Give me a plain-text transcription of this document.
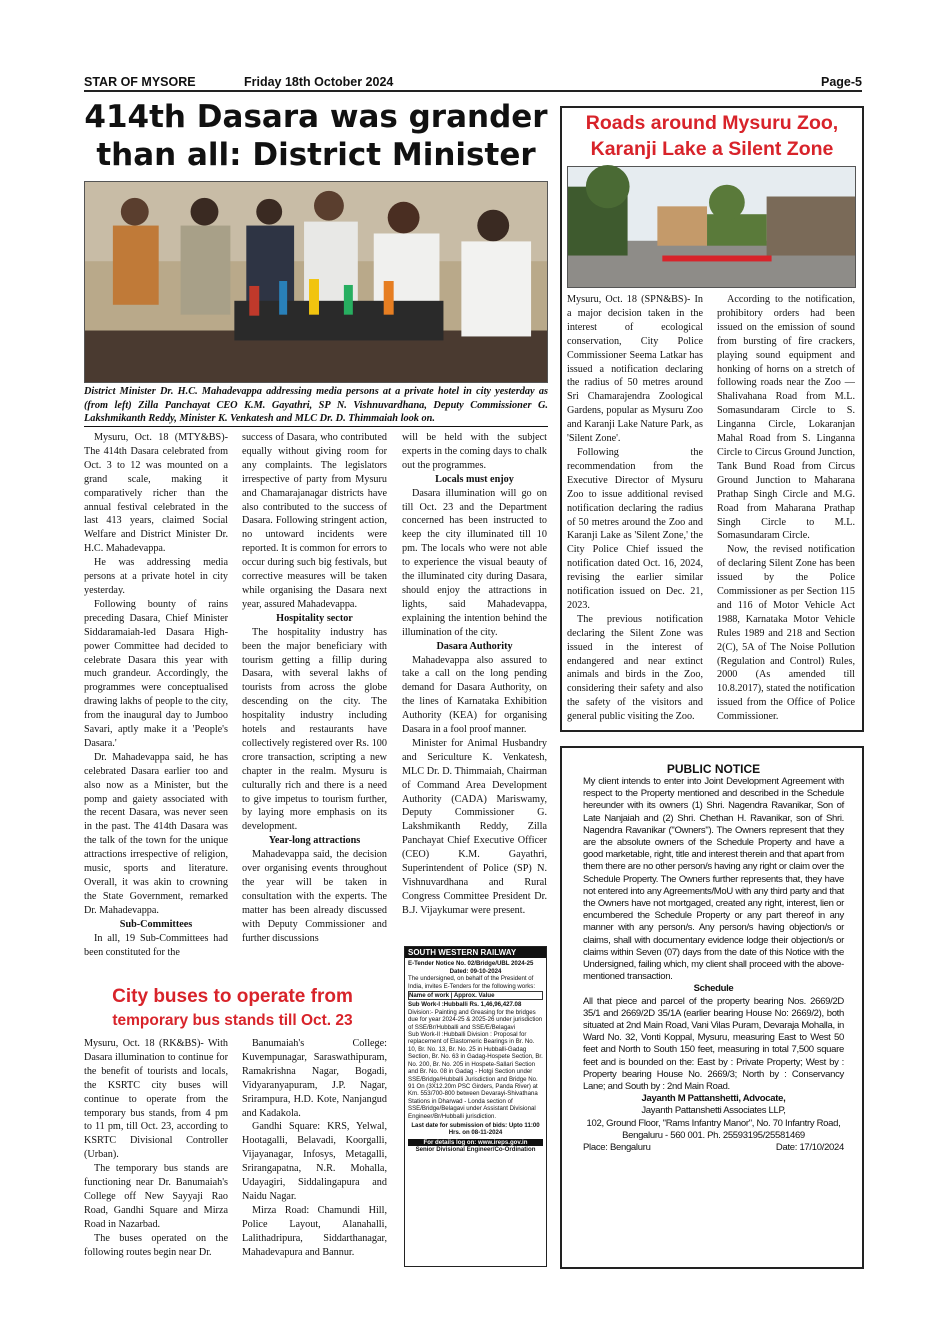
STAR OF MYSORE	Friday 18th October 2024	Page-5
414th Dasara was grander than all: District Minister
District Minister Dr. H.C. Mahadevappa addressing media persons at a private hotel in city yesterday as (from left) Zilla Panchayat CEO K.M. Gayathri, SP N. Vishnuvardhana, Deputy Commissioner G. Lakshmikanth Reddy, Minister K. Venkatesh and MLC Dr. D. Thimmaiah look on.

Mysuru, Oct. 18 (MTY&BS)- The 414th Dasara celebrated from Oct. 3 to 12 was mounted on a grand scale, making it comparatively richer than the annual festival celebrated in the last 413 years, claimed Social Welfare and District Minister Dr. H.C. Mahadevappa.

He was addressing media persons at a private hotel in city yesterday.

Following bounty of rains preceding Dasara, Chief Minister Siddaramaiah-led Dasara High-power Committee had decided to celebrate Dasara this year with much grandeur. Accordingly, the programmes were conceptualised drawing lakhs of people to the city, from the inaugural day to Jumboo Savari, aptly make it a 'People's Dasara.'

Dr. Mahadevappa said, he has celebrated Dasara earlier too and also now as a Minister, but the pomp and gaiety associated with the recent Dasara, was never seen in the past. The 414th Dasara was the talk of the town for the unique attractions irrespective of religion, music, sports and literature. Overall, it was akin to crowning the State Government, remarked Dr. Mahadevappa.

Sub-Committees

In all, 19 Sub-Committees had been constituted for the

success of Dasara, who contributed equally without giving room for any complaints. The legislators irrespective of party from Mysuru and Chamarajanagar districts have also contributed to the success of Dasara. Following stringent action, no untoward incidents were reported. It is common for errors to occur during such big festivals, but corrective measures will be taken while organising the Dasara next year, assured Mahadevappa.

Hospitality sector

The hospitality industry has been the major beneficiary with tourism getting a fillip during Dasara, with several lakhs of tourists from across the globe descending on the city. The hospitality industry including hotels and restaurants have collectively registered over Rs. 100 crore transaction, scripting a new chapter in the realm. Mysuru is culturally rich and there is a need to give impetus to tourism further, by laying more emphasis on its development.

Year-long attractions

Mahadevappa said, the decision over organising events throughout the year will be taken in consultation with the experts. The matter has been already discussed with Deputy Commissioner and further discussions

will be held with the subject experts in the coming days to chalk out the programmes.

Locals must enjoy

Dasara illumination will go on till Oct. 23 and the Department concerned has been instructed to keep the city illuminated till 10 pm. The locals who were not able to experience the visual beauty of the illuminated city during Dasara, should enjoy the attractions in lights, said Mahadevappa, explaining the intention behind the illumination of the city.

Dasara Authority

Mahadevappa also assured to take a call on the long pending demand for Dasara Authority, on the lines of Karnataka Exhibition Authority (KEA) for organising Dasara in a fool proof manner.

Minister for Animal Husbandry and Sericulture K. Venkatesh, MLC Dr. D. Thimmaiah, Chairman of Command Area Development Authority (CADA) Mariswamy, Deputy Commissioner G. Lakshmikanth Reddy, Zilla Panchayat Chief Executive Officer (CEO) K.M. Gayathri, Superintendent of Police (SP) N. Vishnuvardhana and Rural Congress Committee President Dr. B.J. Vijaykumar were present.

City buses to operate from
temporary bus stands till Oct. 23

Mysuru, Oct. 18 (RK&BS)- With Dasara illumination to continue for the benefit of tourists and locals, the KSRTC city buses will continue to operate from the temporary bus stands, from 4 pm to 11 pm, till Oct. 23, according to KSRTC Divisional Controller (Urban).

The temporary bus stands are functioning near Dr. Banumaiah's College off New Sayyaji Rao Road, Gandhi Square and Mirza Road in Nazarbad.

The buses operated on the following routes begin near Dr.

Banumaiah's College: Kuvempunagar, Saraswathipuram, Ramakrishna Nagar, Bogadi, Vidyaranyapuram, J.P. Nagar, Srirampura, H.D. Kote, Nanjangud and Kadakola.

Gandhi Square: KRS, Yelwal, Hootagalli, Belavadi, Koorgalli, Vijayanagar, Infosys, Metagalli, Srirangapatna, N.R. Mohalla, Udayagiri, Siddalingapura and Naidu Nagar.

Mirza Road: Chamundi Hill, Police Layout, Alanahalli, Lalithadripura, Siddarthanagar, Mahadevapura and Bannur.

SOUTH WESTERN RAILWAY
E-Tender Notice No. 02/Bridge/UBL 2024-25
Dated: 09-10-2024
The undersigned, on behalf of the President of India, invites E-Tenders for the following works:
Name of work | Approx. Value
Sub Work-I :Hubballi Rs. 1,46,96,427.08
Division:- Painting and Greasing for the bridges due for year 2024-25 & 2025-26 under jurisdiction of SSE/Br/Hubballi and SSE/E/Belagavi
Sub Work-II :Hubballi Division : Proposal for replacement of Elastomeric Bearings in Br. No. 10, Br. No. 13, Br. No. 25 in Hubballi-Gadag Section, Br. No. 63 in Gadag-Hospete Section, Br. No. 200, Br. No. 205 in Hospete-Sallari Section and Br. No. 08 in Gadag - Hotgi Section under SSE/Bridge/Hubballi Jurisdiction and Bridge No. 91 On (3X12.20m PSC Girders, Panda River) at Km. 553/700-800 between Devarayi-Shivathana Stations in Dharwad - Londa section of SSE/Bridge/Belagavi under Assistant Divisional Engineer/Br/Hubballi jurisdiction.
Last date for submission of bids: Upto 11:00 Hrs. on 08-11-2024
For details log on: www.ireps.gov.in
Senior Divisional Engineer/Co-Ordination
Roads around Mysuru Zoo, Karanji Lake a Silent Zone

Mysuru, Oct. 18 (SPN&BS)- In a major decision taken in the interest of ecological conservation, City Police Commissioner Seema Latkar has issued a notification declaring the radius of 50 metres around Sri Chamarajendra Zoological Gardens, popular as Mysuru Zoo and Karanji Lake Nature Park, as 'Silent Zone'.

Following the recommendation from the Executive Director of Mysuru Zoo to issue additional revised notification declaring the radius of 50 metres around the Zoo and Karanji Lake as 'Silent Zone,' the City Police Chief issued the notification dated Oct. 16, 2024, revising the earlier similar notification issued on Dec. 21, 2023.

The previous notification declaring the Silent Zone was issued in the interest of endangered and near extinct animals and birds in the Zoo, considering their safety and also the safety of the visitors and general public visiting the Zoo.

According to the notification, prohibitory orders had been issued on the emission of sound from bursting of fire crackers, playing sound equipment and honking of horns on a stretch of following roads near the Zoo — Shalivahana Road from M.L. Somasundaram Circle to S. Linganna Circle, Lokaranjan Mahal Road from S. Linganna Circle to Circus Ground Junction, Tank Bund Road from Circus Ground Junction to Maharana Prathap Singh Circle and M.G. Road from Maharana Prathap Singh Circle to M.L. Somasundaram Circle.

Now, the revised notification of declaring Silent Zone has been issued by the Police Commissioner as per Section 115 and 116 of Motor Vehicle Act 1988, Karnataka Motor Vehicle Rules 1989 and 218 and Section 2(C), 5A of The Noise Pollution (Regulation and Control) Rules, 2000 (As amended till 10.8.2017), stated the notification issued from the Office of Police Commissioner.

PUBLIC NOTICE

My client intends to enter into Joint Development Agreement with respect to the Property mentioned and described in the Schedule hereunder with its owners (1) Shri. Nagendra Ravanikar, Son of Late Nanjaiah and (2) Shri. Chethan H. Ravanikar, son of Shri. Nagendra Ravanikar ("Owners"). The Owners represent that they are the absolute owners of the Schedule Property and have a good marketable, right, title and interest therein and that apart from them there are no other person/s having any right or claim over the Schedule Property. The Owners further represents that, they have not entered into any Agreements/MoU with any third party and that the Owners have not mortgaged, created any right, interest, lien or encumbered the Schedule Property or any part thereof in any manner with any person/s. Any person/s having objection/s or claims, shall with documentary evidence lodge their objection/s or claims within Seven (07) days from the date of this Notice with the Undersigned, failing which, my client shall proceed with the above-mentioned transaction.

Schedule

All that piece and parcel of the property bearing Nos. 2669/2D 35/1 and 2669/2D 35/1A (earlier bearing House No: 2669/2), both situated at 2nd Main Road, Vani Vilas Puram, Devaraja Mohalla, in Ward No. 32, Vonti Koppal, Mysuru, measuring East to West 50 feet and North to South 150 feet, measuring in total 7,500 square feet and is bounded on the: East by : Private Property; West by : Property bearing House No. 2669/3; North by : Conservancy Lane; and South by : 2nd Main Road.

Jayanth M Pattanshetti, Advocate,
Jayanth Pattanshetti Associates LLP,
102, Ground Floor, "Rams Infantry Manor", No. 70 Infantry Road, Bengaluru - 560 001. Ph. 25593195/25581469
Place: Bengaluru	Date: 17/10/2024
